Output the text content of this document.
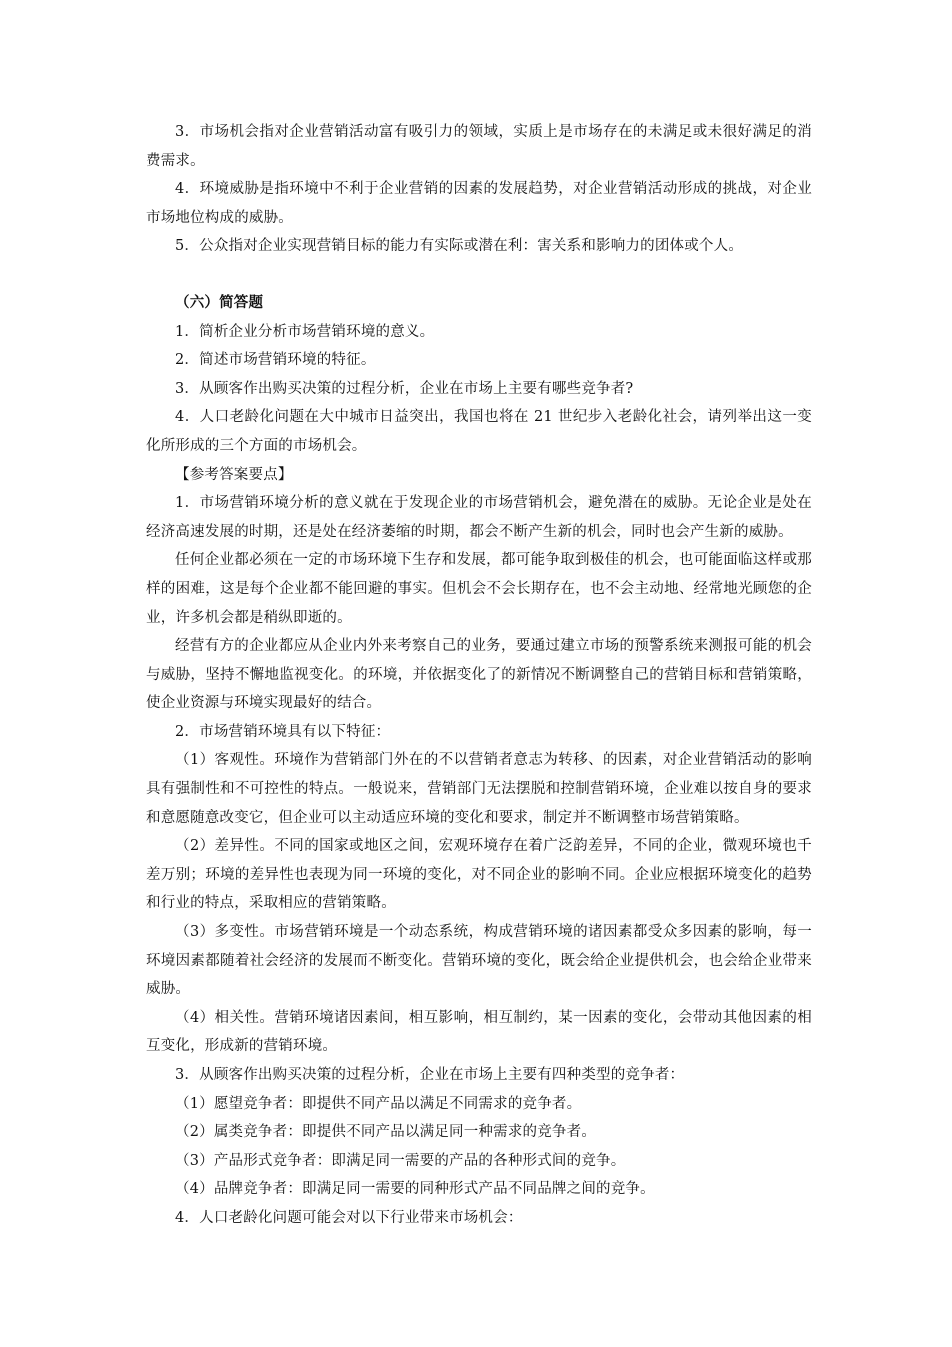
3．市场机会指对企业营销活动富有吸引力的领域，实质上是市场存在的未满足或未很好满足的消费需求。

4．环境威胁是指环境中不利于企业营销的因素的发展趋势，对企业营销活动形成的挑战，对企业市场地位构成的威胁。

5．公众指对企业实现营销目标的能力有实际或潜在利：害关系和影响力的团体或个人。

（六）简答题

1．简析企业分析市场营销环境的意义。

2．简述市场营销环境的特征。

3．从顾客作出购买决策的过程分析，企业在市场上主要有哪些竞争者?

4．人口老龄化问题在大中城市日益突出，我国也将在 21 世纪步入老龄化社会，请列举出这一变化所形成的三个方面的市场机会。

【参考答案要点】

1．市场营销环境分析的意义就在于发现企业的市场营销机会，避免潜在的威胁。无论企业是处在经济高速发展的时期，还是处在经济萎缩的时期，都会不断产生新的机会，同时也会产生新的威胁。

任何企业都必须在一定的市场环境下生存和发展，都可能争取到极佳的机会，也可能面临这样或那样的困难，这是每个企业都不能回避的事实。但机会不会长期存在，也不会主动地、经常地光顾您的企业，许多机会都是稍纵即逝的。

经营有方的企业都应从企业内外来考察自己的业务，要通过建立市场的预警系统来测报可能的机会与威胁，坚持不懈地监视变化。的环境，并依据变化了的新情况不断调整自己的营销目标和营销策略，使企业资源与环境实现最好的结合。

2．市场营销环境具有以下特征：

（1）客观性。环境作为营销部门外在的不以营销者意志为转移、的因素，对企业营销活动的影响具有强制性和不可控性的特点。一般说来，营销部门无法摆脱和控制营销环境，企业难以按自身的要求和意愿随意改变它，但企业可以主动适应环境的变化和要求，制定并不断调整市场营销策略。

（2）差异性。不同的国家或地区之间，宏观环境存在着广泛韵差异，不同的企业，微观环境也千差万别；环境的差异性也表现为同一环境的变化，对不同企业的影响不同。企业应根据环境变化的趋势和行业的特点，采取相应的营销策略。

（3）多变性。市场营销环境是一个动态系统，构成营销环境的诸因素都受众多因素的影响，每一环境因素都随着社会经济的发展而不断变化。营销环境的变化，既会给企业提供机会，也会给企业带来威胁。

（4）相关性。营销环境诸因素间，相互影响，相互制约，某一因素的变化，会带动其他因素的相互变化，形成新的营销环境。

3．从顾客作出购买决策的过程分析，企业在市场上主要有四种类型的竞争者：

（1）愿望竞争者：即提供不同产品以满足不同需求的竞争者。

（2）属类竞争者：即提供不同产品以满足同一种需求的竞争者。

（3）产品形式竞争者：即满足同一需要的产品的各种形式间的竞争。

（4）品牌竞争者：即满足同一需要的同种形式产品不同品牌之间的竞争。

4．人口老龄化问题可能会对以下行业带来市场机会：
